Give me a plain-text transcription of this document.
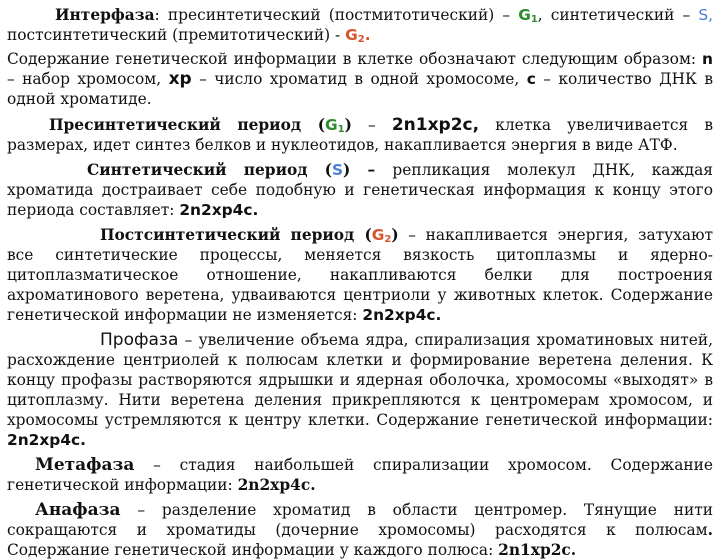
Интерфаза: пресинтетический (постмитотический) – $G_1$, синтетический – S, постсинтетический (премитотический) - $G_2$.

Содержание генетической информации в клетке обозначают следующим образом: n – набор хромосом, хр – число хроматид в одной хромосоме, с – количество ДНК в одной хроматиде.

Пресинтетический период $(G_1) - 2n1xp2c$, клетка увеличивается в размерах, идет синтез белков и нуклеотидов, накапливается энергия в виде АТФ.

Синтетический период (S) – репликация молекул ДНК, каждая хроматида достраивает себе подобную и генетическая информация к концу этого периода составляет: 2n2xp4c.

Постсинтетический период $(G_2)$ – накапливается энергия, затухают все синтетические процессы, меняется вязкость цитоплазмы и ядерно-цитоплазматическое отношение, накапливаются белки для построения ахроматинового веретена, удваиваются центриоли у животных клеток. Содержание генетической информации не изменяется: 2n2xp4c.

Профаза – увеличение объема ядра, спирализация хроматиновых нитей, расхождение центриолей к полюсам клетки и формирование веретена деления. К концу профазы растворяются ядрышки и ядерная оболочка, хромосомы «выходят» в цитоплазму. Нити веретена деления прикрепляются к центромерам хромосом, и хромосомы устремляются к центру клетки. Содержание генетической информации: 2n2xp4c.

Метафаза – стадия наибольшей спирализации хромосом. Содержание генетической информации: 2n2xp4c.

Анафаза – разделение хроматид в области центромер. Тянущие нити сокращаются и хроматиды (дочерние хромосомы) расходятся к полюсам. Содержание генетической информации у каждого полюса: 2n1xp2c.
